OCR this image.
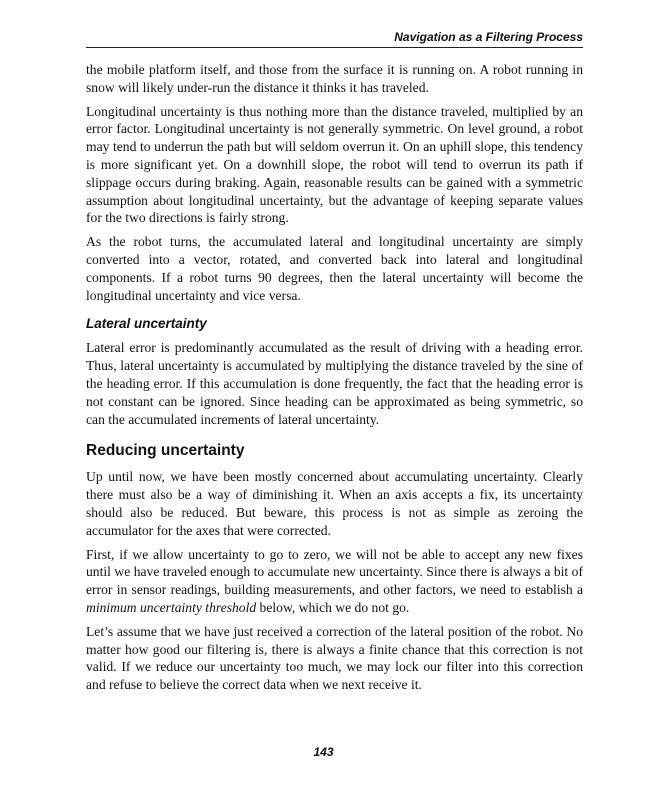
Navigation as a Filtering Process

the mobile platform itself, and those from the surface it is running on. A robot running in snow will likely under-run the distance it thinks it has traveled.

Longitudinal uncertainty is thus nothing more than the distance traveled, multiplied by an error factor. Longitudinal uncertainty is not generally symmetric. On level ground, a robot may tend to underrun the path but will seldom overrun it. On an uphill slope, this tendency is more significant yet. On a downhill slope, the robot will tend to overrun its path if slippage occurs during braking. Again, reasonable results can be gained with a symmetric assumption about longitudinal uncertainty, but the advantage of keeping separate values for the two directions is fairly strong.

As the robot turns, the accumulated lateral and longitudinal uncertainty are simply converted into a vector, rotated, and converted back into lateral and longitudinal components. If a robot turns 90 degrees, then the lateral uncertainty will become the longitudinal uncertainty and vice versa.

Lateral uncertainty

Lateral error is predominantly accumulated as the result of driving with a heading error. Thus, lateral uncertainty is accumulated by multiplying the distance traveled by the sine of the heading error. If this accumulation is done frequently, the fact that the heading error is not constant can be ignored. Since heading can be approximated as being symmetric, so can the accumulated increments of lateral uncertainty.

Reducing uncertainty

Up until now, we have been mostly concerned about accumulating uncertainty. Clearly there must also be a way of diminishing it. When an axis accepts a fix, its uncertainty should also be reduced. But beware, this process is not as simple as zeroing the accumulator for the axes that were corrected.

First, if we allow uncertainty to go to zero, we will not be able to accept any new fixes until we have traveled enough to accumulate new uncertainty. Since there is always a bit of error in sensor readings, building measurements, and other factors, we need to establish a minimum uncertainty threshold below, which we do not go.

Let’s assume that we have just received a correction of the lateral position of the robot. No matter how good our filtering is, there is always a finite chance that this correction is not valid. If we reduce our uncertainty too much, we may lock our filter into this correction and refuse to believe the correct data when we next receive it.

143
